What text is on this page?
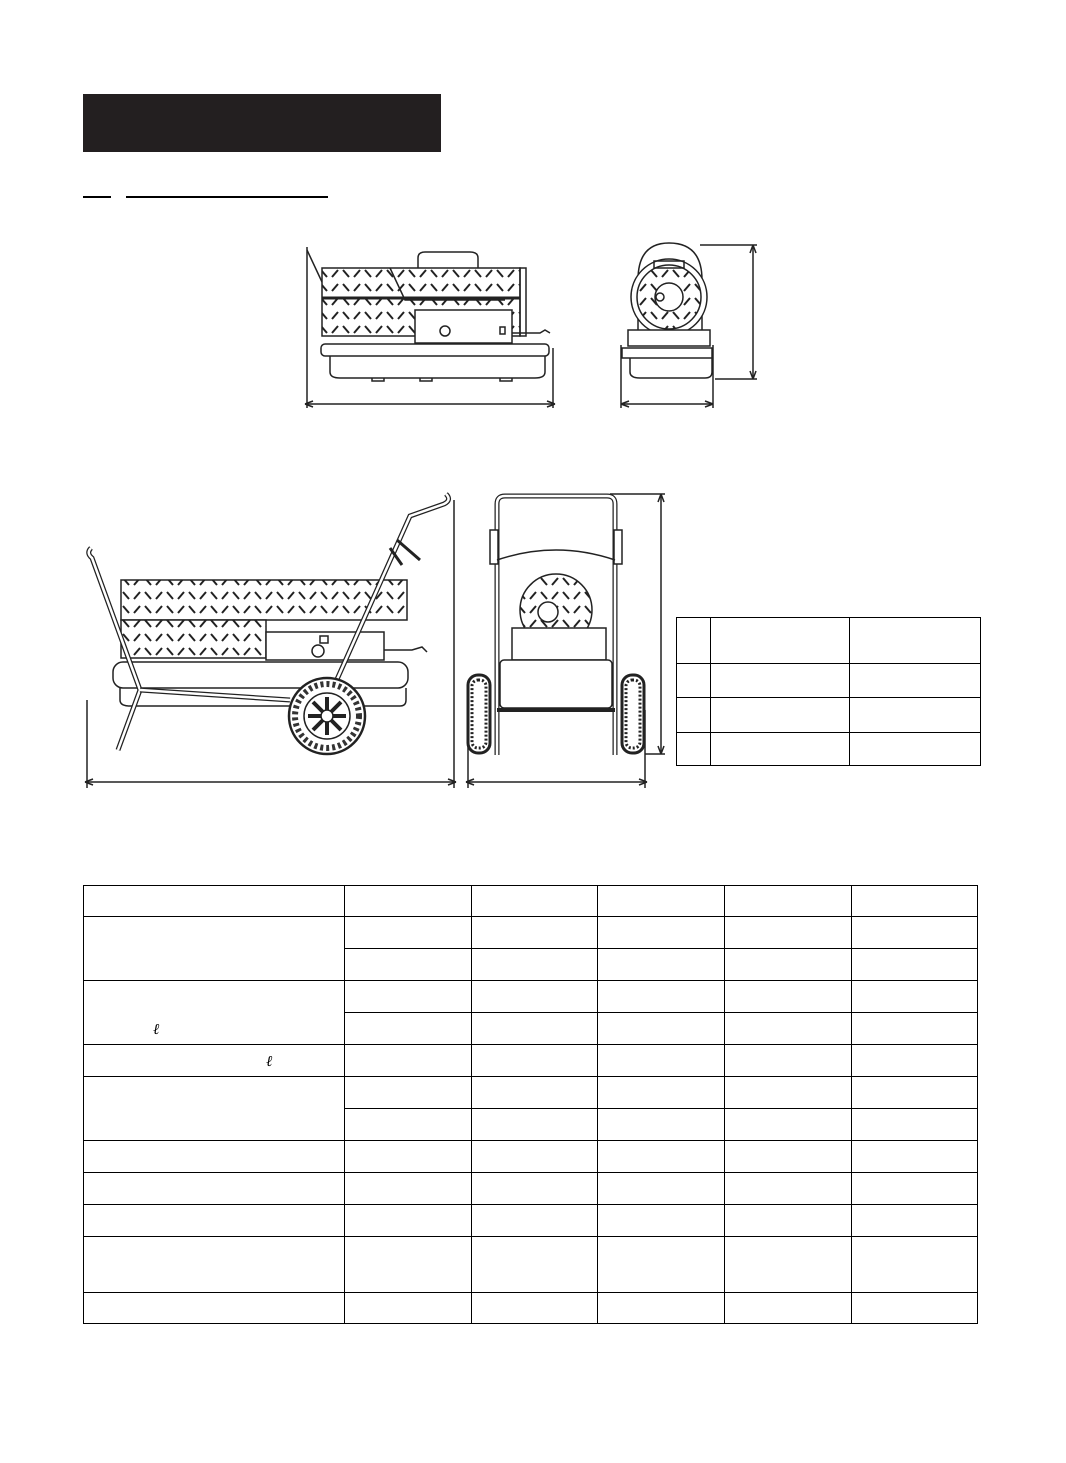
ℓ
ℓ
